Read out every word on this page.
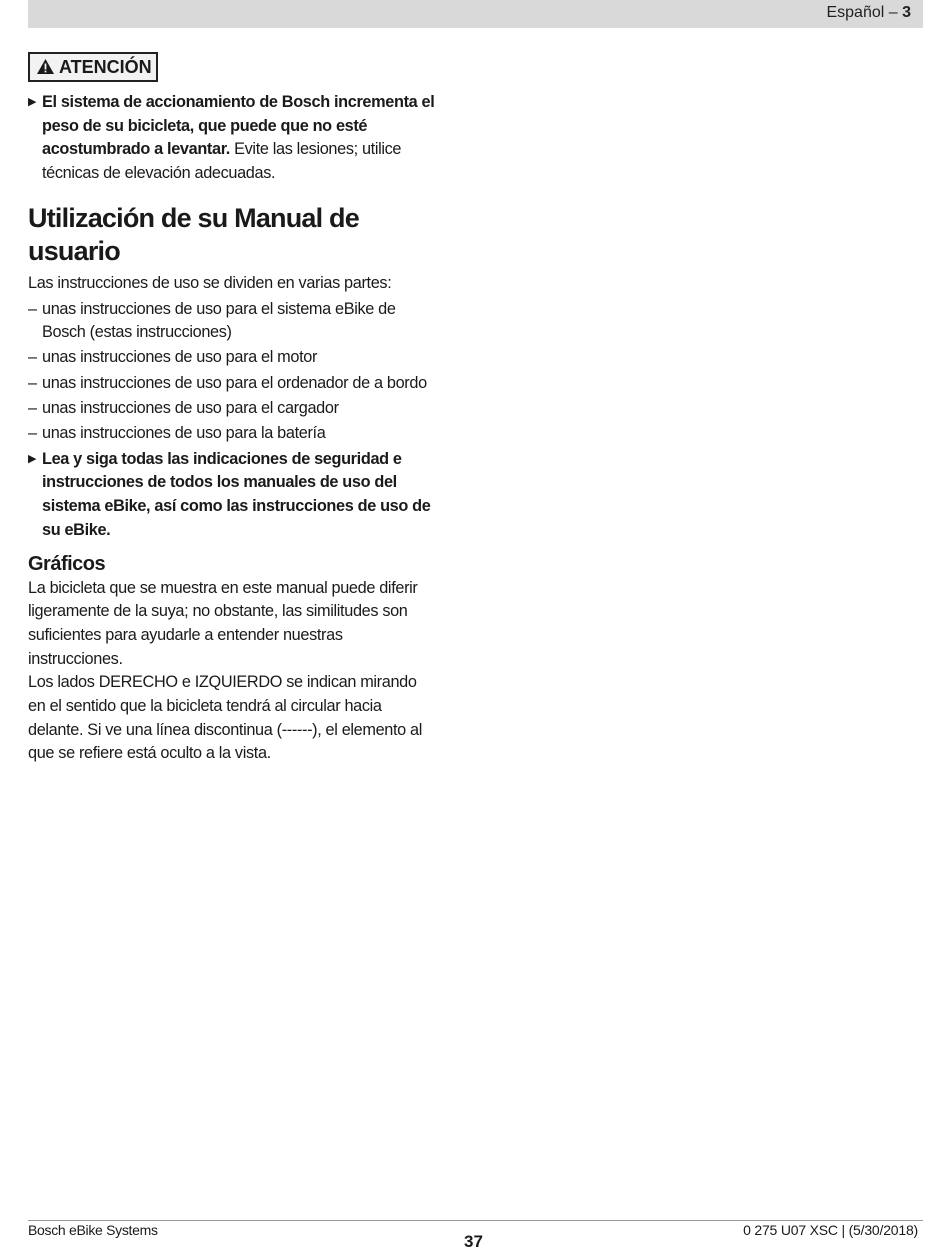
Español – 3
ATENCIÓN

▶ El sistema de accionamiento de Bosch incrementa el peso de su bicicleta, que puede que no esté acostumbrado a levantar. Evite las lesiones; utilice técnicas de elevación adecuadas.

Utilización de su Manual de usuario

Las instrucciones de uso se dividen en varias partes:

– unas instrucciones de uso para el sistema eBike de Bosch (estas instrucciones)
– unas instrucciones de uso para el motor
– unas instrucciones de uso para el ordenador de a bordo
– unas instrucciones de uso para el cargador
– unas instrucciones de uso para la batería

▶ Lea y siga todas las indicaciones de seguridad e instrucciones de todos los manuales de uso del sistema eBike, así como las instrucciones de uso de su eBike.

Gráficos

La bicicleta que se muestra en este manual puede diferir ligeramente de la suya; no obstante, las similitudes son suficientes para ayudarle a entender nuestras instrucciones.

Los lados DERECHO e IZQUIERDO se indican mirando en el sentido que la bicicleta tendrá al circular hacia delante. Si ve una línea discontinua (------), el elemento al que se refiere está oculto a la vista.

Bosch eBike Systems
37
0 275 U07 XSC | (5/30/2018)
